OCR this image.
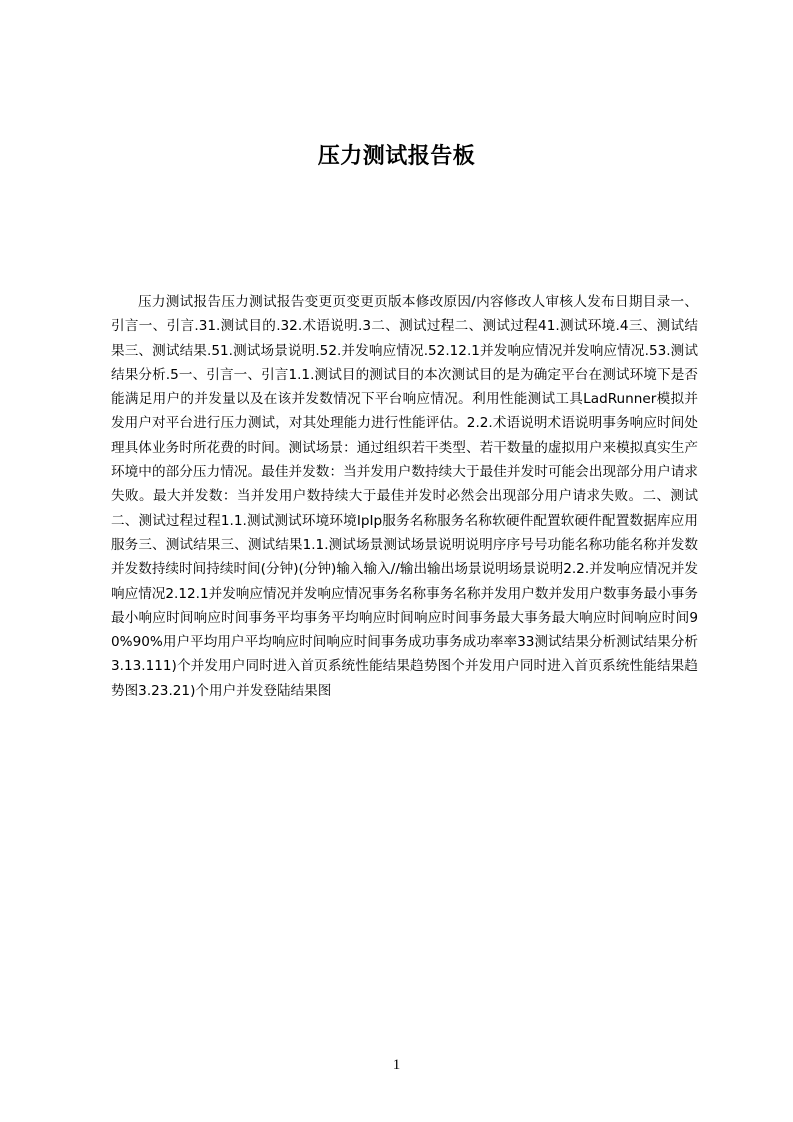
压力测试报告板

压力测试报告压力测试报告变更页变更页版本修改原因/内容修改人审核人发布日期目录一、引言一、引言.31.测试目的.32.术语说明.3二、测试过程二、测试过程41.测试环境.4三、测试结果三、测试结果.51.测试场景说明.52.并发响应情况.52.12.1并发响应情况并发响应情况.53.测试结果分析.5一、引言一、引言1.1.测试目的测试目的本次测试目的是为确定平台在测试环境下是否能满足用户的并发量以及在该并发数情况下平台响应情况。利用性能测试工具LadRunner模拟并发用户对平台进行压力测试，对其处理能力进行性能评估。2.2.术语说明术语说明事务响应时间处理具体业务时所花费的时间。测试场景：通过组织若干类型、若干数量的虚拟用户来模拟真实生产环境中的部分压力情况。最佳并发数：当并发用户数持续大于最佳并发时可能会出现部分用户请求失败。最大并发数：当并发用户数持续大于最佳并发时必然会出现部分用户请求失败。二、测试二、测试过程过程1.1.测试测试环境环境IpIp服务名称服务名称软硬件配置软硬件配置数据库应用服务三、测试结果三、测试结果1.1.测试场景测试场景说明说明序序号号功能名称功能名称并发数并发数持续时间持续时间(分钟)(分钟)输入输入//输出输出场景说明场景说明2.2.并发响应情况并发响应情况2.12.1并发响应情况并发响应情况事务名称事务名称并发用户数并发用户数事务最小事务最小响应时间响应时间事务平均事务平均响应时间响应时间事务最大事务最大响应时间响应时间90%90%用户平均用户平均响应时间响应时间事务成功事务成功率率33测试结果分析测试结果分析3.13.111)个并发用户同时进入首页系统性能结果趋势图个并发用户同时进入首页系统性能结果趋势图3.23.21)个用户并发登陆结果图

1
